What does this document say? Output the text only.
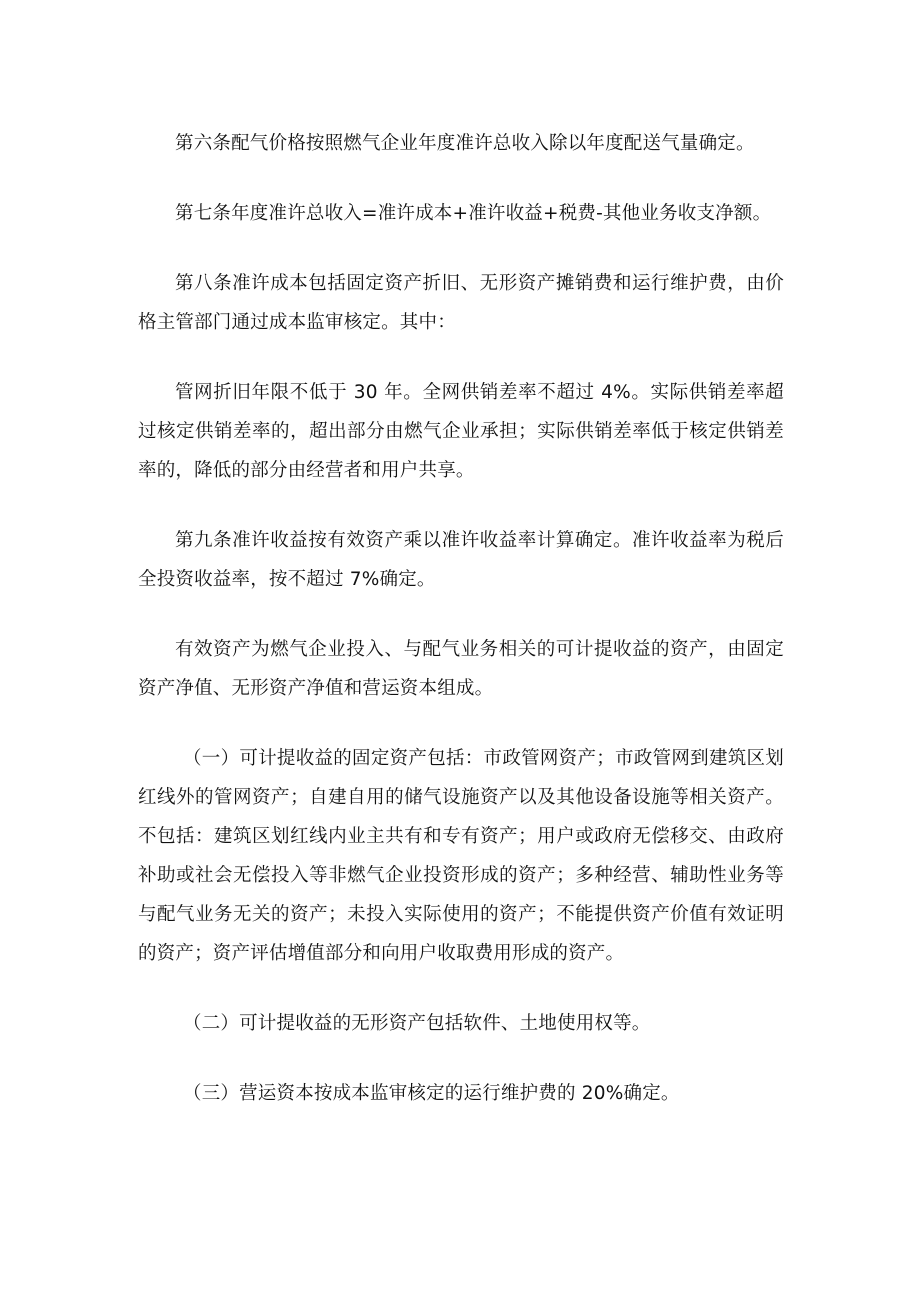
第六条配气价格按照燃气企业年度准许总收入除以年度配送气量确定。

第七条年度准许总收入=准许成本+准许收益+税费-其他业务收支净额。

第八条准许成本包括固定资产折旧、无形资产摊销费和运行维护费，由价格主管部门通过成本监审核定。其中：

管网折旧年限不低于 30 年。全网供销差率不超过 4%。实际供销差率超过核定供销差率的，超出部分由燃气企业承担；实际供销差率低于核定供销差率的，降低的部分由经营者和用户共享。

第九条准许收益按有效资产乘以准许收益率计算确定。准许收益率为税后全投资收益率，按不超过 7%确定。

有效资产为燃气企业投入、与配气业务相关的可计提收益的资产，由固定资产净值、无形资产净值和营运资本组成。

（一）可计提收益的固定资产包括：市政管网资产；市政管网到建筑区划红线外的管网资产；自建自用的储气设施资产以及其他设备设施等相关资产。不包括：建筑区划红线内业主共有和专有资产；用户或政府无偿移交、由政府补助或社会无偿投入等非燃气企业投资形成的资产；多种经营、辅助性业务等与配气业务无关的资产；未投入实际使用的资产；不能提供资产价值有效证明的资产；资产评估增值部分和向用户收取费用形成的资产。

（二）可计提收益的无形资产包括软件、土地使用权等。

（三）营运资本按成本监审核定的运行维护费的 20%确定。
